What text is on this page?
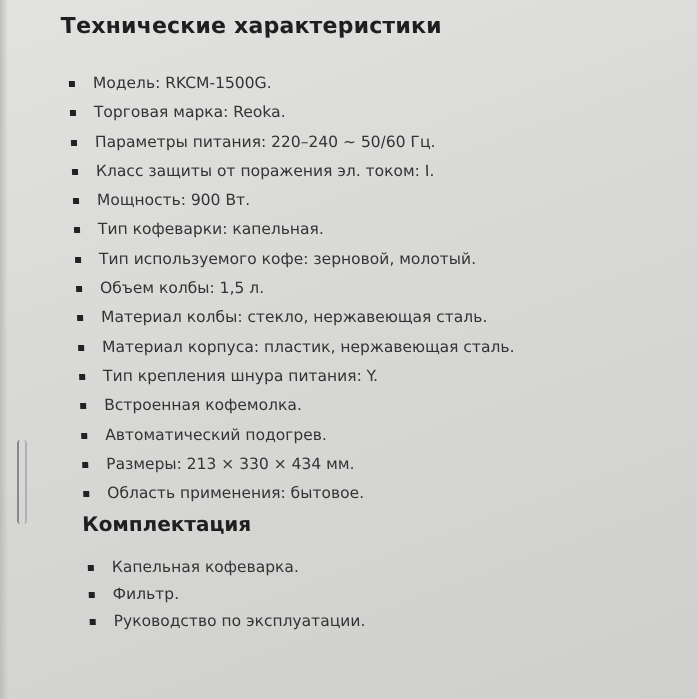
Технические характеристики
Модель: RKCM-1500G.
Торговая марка: Reoka.
Параметры питания: 220–240 ~ 50/60 Гц.
Класс защиты от поражения эл. током: I.
Мощность: 900 Вт.
Тип кофеварки: капельная.
Тип используемого кофе: зерновой, молотый.
Объем колбы: 1,5 л.
Материал колбы: стекло, нержавеющая сталь.
Материал корпуса: пластик, нержавеющая сталь.
Тип крепления шнура питания: Y.
Встроенная кофемолка.
Автоматический подогрев.
Размеры: 213 × 330 × 434 мм.
Область применения: бытовое.
Комплектация
Капельная кофеварка.
Фильтр.
Руководство по эксплуатации.
